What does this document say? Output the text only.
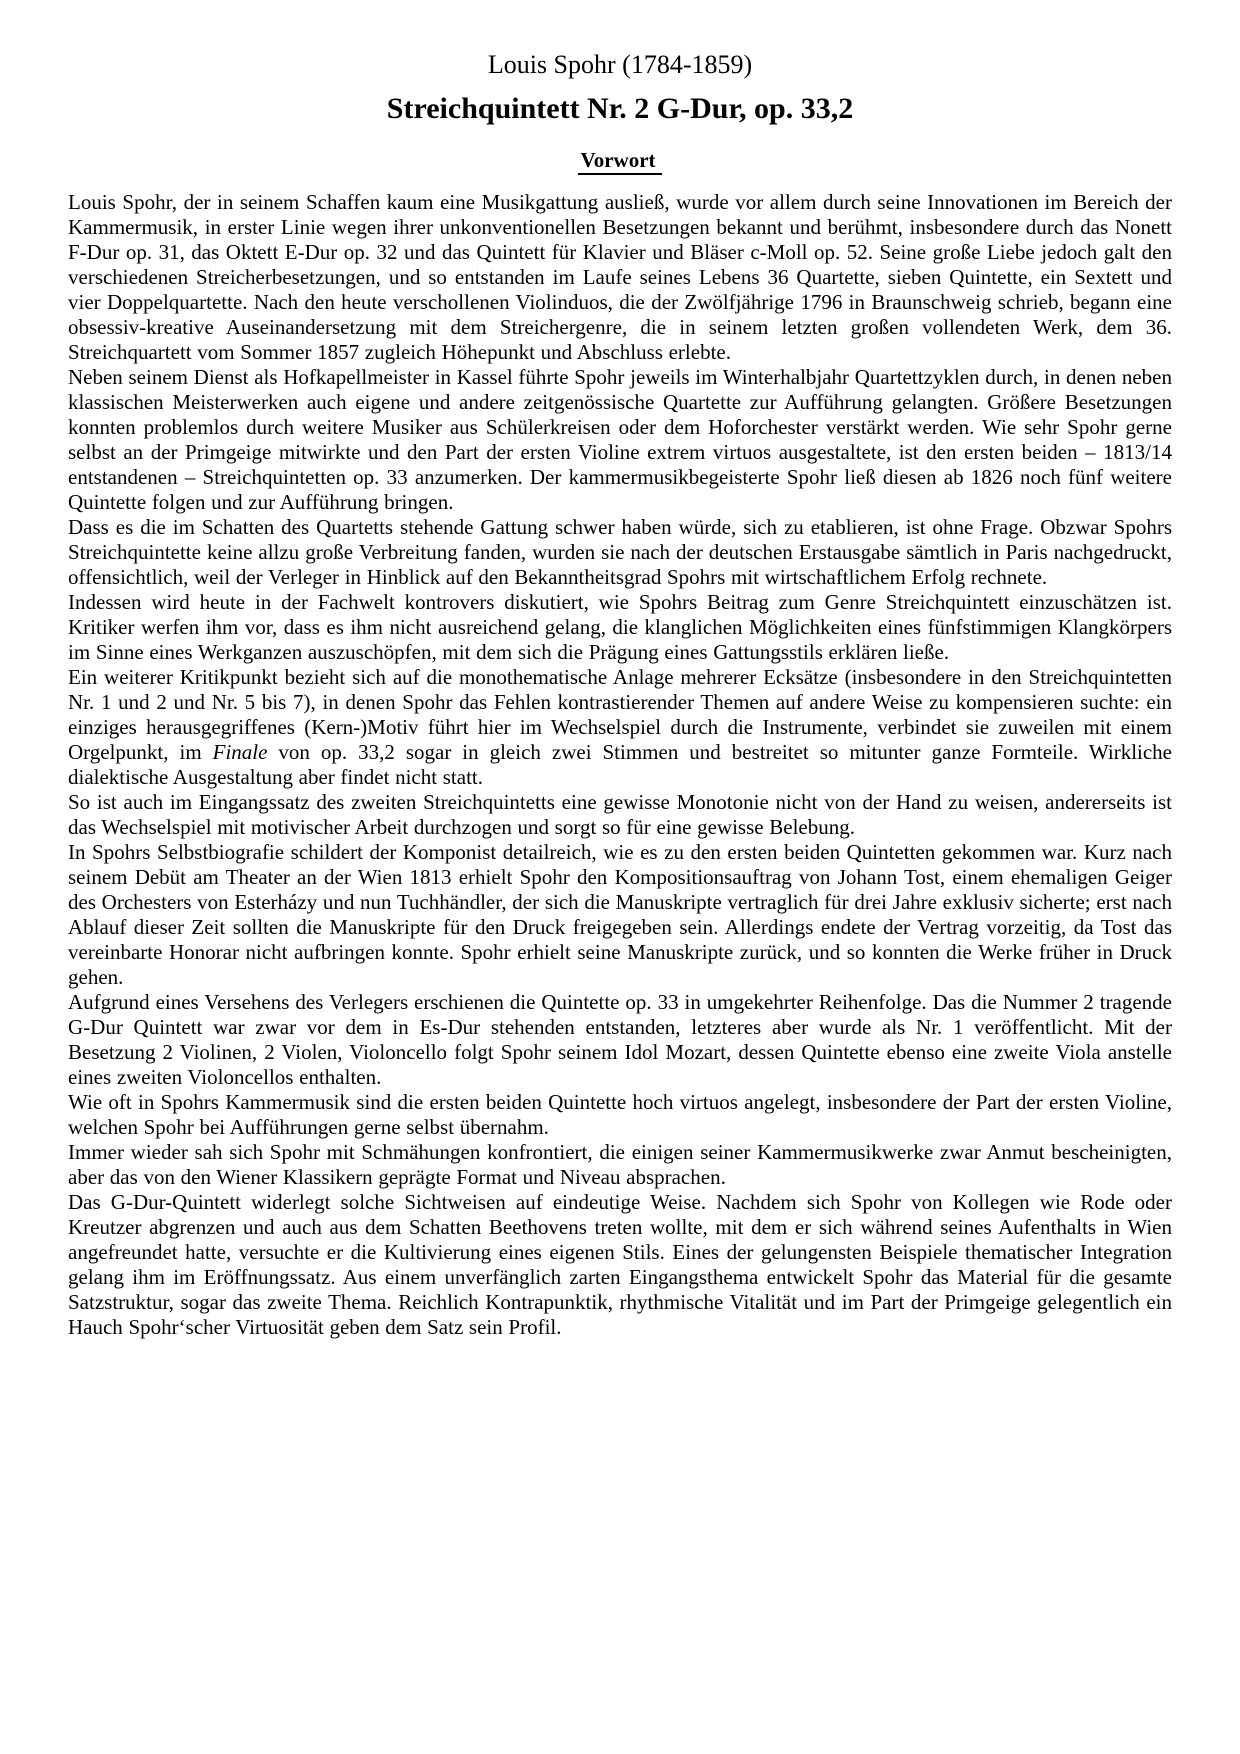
Louis Spohr (1784-1859)
Streichquintett Nr. 2 G-Dur, op. 33,2
Vorwort

Louis Spohr, der in seinem Schaffen kaum eine Musikgattung ausließ, wurde vor allem durch seine Innovationen im Bereich der Kammermusik, in erster Linie wegen ihrer unkonventionellen Besetzungen bekannt und berühmt, insbesondere durch das Nonett F-Dur op. 31, das Oktett E-Dur op. 32 und das Quintett für Klavier und Bläser c-Moll op. 52. Seine große Liebe jedoch galt den verschiedenen Streicherbesetzungen, und so entstanden im Laufe seines Lebens 36 Quartette, sieben Quintette, ein Sextett und vier Doppelquartette. Nach den heute verschollenen Violinduos, die der Zwölfjährige 1796 in Braunschweig schrieb, begann eine obsessiv-kreative Auseinandersetzung mit dem Streichergenre, die in seinem letzten großen vollendeten Werk, dem 36. Streichquartett vom Sommer 1857 zugleich Höhepunkt und Abschluss erlebte.

Neben seinem Dienst als Hofkapellmeister in Kassel führte Spohr jeweils im Winterhalbjahr Quartettzyklen durch, in denen neben klassischen Meisterwerken auch eigene und andere zeitgenössische Quartette zur Aufführung gelangten. Größere Besetzungen konnten problemlos durch weitere Musiker aus Schülerkreisen oder dem Hoforchester verstärkt werden. Wie sehr Spohr gerne selbst an der Primgeige mitwirkte und den Part der ersten Violine extrem virtuos ausgestaltete, ist den ersten beiden – 1813/14 entstandenen – Streichquintetten op. 33 anzumerken. Der kammermusikbegeisterte Spohr ließ diesen ab 1826 noch fünf weitere Quintette folgen und zur Aufführung bringen.

Dass es die im Schatten des Quartetts stehende Gattung schwer haben würde, sich zu etablieren, ist ohne Frage. Obzwar Spohrs Streichquintette keine allzu große Verbreitung fanden, wurden sie nach der deutschen Erstausgabe sämtlich in Paris nachgedruckt, offensichtlich, weil der Verleger in Hinblick auf den Bekanntheitsgrad Spohrs mit wirtschaftlichem Erfolg rechnete.

Indessen wird heute in der Fachwelt kontrovers diskutiert, wie Spohrs Beitrag zum Genre Streichquintett einzuschätzen ist. Kritiker werfen ihm vor, dass es ihm nicht ausreichend gelang, die klanglichen Möglichkeiten eines fünfstimmigen Klangkörpers im Sinne eines Werkganzen auszuschöpfen, mit dem sich die Prägung eines Gattungsstils erklären ließe.

Ein weiterer Kritikpunkt bezieht sich auf die monothematische Anlage mehrerer Ecksätze (insbesondere in den Streichquintetten Nr. 1 und 2 und Nr. 5 bis 7), in denen Spohr das Fehlen kontrastierender Themen auf andere Weise zu kompensieren suchte: ein einziges herausgegriffenes (Kern-)Motiv führt hier im Wechselspiel durch die Instrumente, verbindet sie zuweilen mit einem Orgelpunkt, im Finale von op. 33,2 sogar in gleich zwei Stimmen und bestreitet so mitunter ganze Formteile. Wirkliche dialektische Ausgestaltung aber findet nicht statt.

So ist auch im Eingangssatz des zweiten Streichquintetts eine gewisse Monotonie nicht von der Hand zu weisen, andererseits ist das Wechselspiel mit motivischer Arbeit durchzogen und sorgt so für eine gewisse Belebung.

In Spohrs Selbstbiografie schildert der Komponist detailreich, wie es zu den ersten beiden Quintetten gekommen war. Kurz nach seinem Debüt am Theater an der Wien 1813 erhielt Spohr den Kompositionsauftrag von Johann Tost, einem ehemaligen Geiger des Orchesters von Esterházy und nun Tuchhändler, der sich die Manuskripte vertraglich für drei Jahre exklusiv sicherte; erst nach Ablauf dieser Zeit sollten die Manuskripte für den Druck freigegeben sein. Allerdings endete der Vertrag vorzeitig, da Tost das vereinbarte Honorar nicht aufbringen konnte. Spohr erhielt seine Manuskripte zurück, und so konnten die Werke früher in Druck gehen.

Aufgrund eines Versehens des Verlegers erschienen die Quintette op. 33 in umgekehrter Reihenfolge. Das die Nummer 2 tragende G-Dur Quintett war zwar vor dem in Es-Dur stehenden entstanden, letzteres aber wurde als Nr. 1 veröffentlicht. Mit der Besetzung 2 Violinen, 2 Violen, Violoncello folgt Spohr seinem Idol Mozart, dessen Quintette ebenso eine zweite Viola anstelle eines zweiten Violoncellos enthalten.

Wie oft in Spohrs Kammermusik sind die ersten beiden Quintette hoch virtuos angelegt, insbesondere der Part der ersten Violine, welchen Spohr bei Aufführungen gerne selbst übernahm.

Immer wieder sah sich Spohr mit Schmähungen konfrontiert, die einigen seiner Kammermusikwerke zwar Anmut bescheinigten, aber das von den Wiener Klassikern geprägte Format und Niveau absprachen.

Das G-Dur-Quintett widerlegt solche Sichtweisen auf eindeutige Weise. Nachdem sich Spohr von Kollegen wie Rode oder Kreutzer abgrenzen und auch aus dem Schatten Beethovens treten wollte, mit dem er sich während seines Aufenthalts in Wien angefreundet hatte, versuchte er die Kultivierung eines eigenen Stils. Eines der gelungensten Beispiele thematischer Integration gelang ihm im Eröffnungssatz. Aus einem unverfänglich zarten Eingangsthema entwickelt Spohr das Material für die gesamte Satzstruktur, sogar das zweite Thema. Reichlich Kontrapunktik, rhythmische Vitalität und im Part der Primgeige gelegentlich ein Hauch Spohr‘scher Virtuosität geben dem Satz sein Profil.
